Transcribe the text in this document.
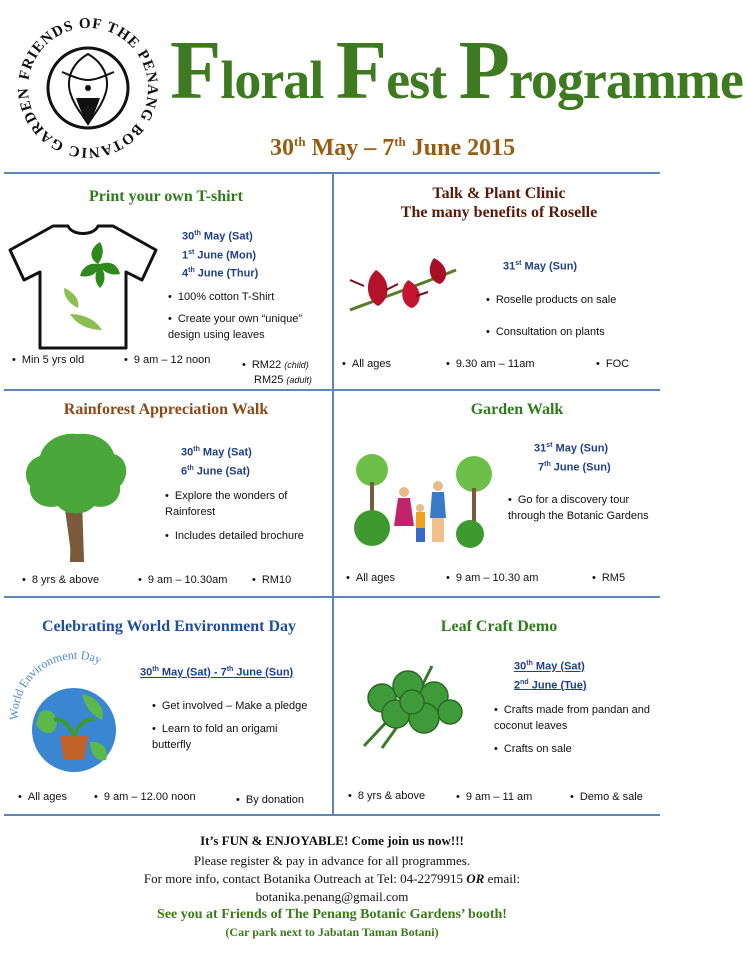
FRIENDS OF THE PENANG BOTANIC GARDEN	Floral Fest Programme
30th May – 7th June 2015
Print your own T-shirt
30th May (Sat)
1st June (Mon)
4th June (Thur)
• 100% cotton T-Shirt
• Create your own “unique” design using leaves
• Min 5 yrs old	• 9 am – 12 noon	• RM22 (child)
RM25 (adult)
Talk & Plant Clinic
The many benefits of Roselle
31st May (Sun)
• Roselle products on sale
• Consultation on plants
• All ages	• 9.30 am – 11am	• FOC
Rainforest Appreciation Walk
30th May (Sat)
6th June (Sat)
• Explore the wonders of Rainforest
• Includes detailed brochure
• 8 yrs & above	• 9 am – 10.30am	• RM10
Garden Walk
31st May (Sun)
7th June (Sun)
• Go for a discovery tour through the Botanic Gardens
• All ages	• 9 am – 10.30 am	• RM5
Celebrating World Environment Day
rld Environment Day
30th May (Sat) - 7th June (Sun)
• Get involved – Make a pledge
• Learn to fold an origami butterfly
• All ages	• 9 am – 12.00 noon	• By donation
Leaf Craft Demo
30th May (Sat)
2nd June (Tue)
• Crafts made from pandan and coconut leaves
• Crafts on sale
• 8 yrs & above	• 9 am – 11 am	• Demo & sale
It’s FUN & ENJOYABLE! Come join us now!!!
Please register & pay in advance for all programmes.
For more info, contact Botanika Outreach at Tel: 04-2279915 OR email:
botanika.penang@gmail.com
See you at Friends of The Penang Botanic Gardens’ booth!
(Car park next to Jabatan Taman Botani)
